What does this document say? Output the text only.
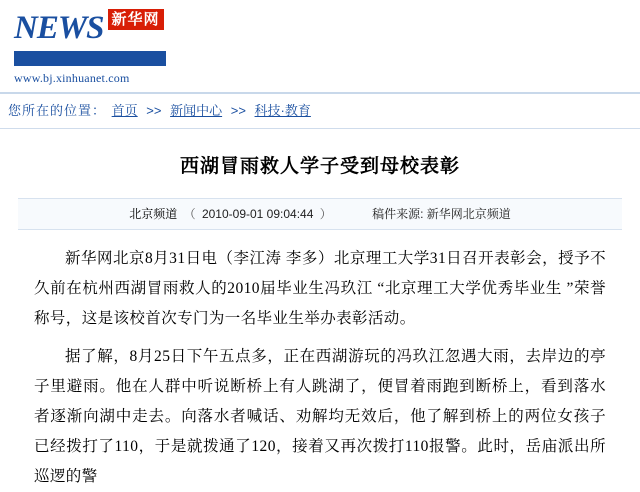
NEWS 新华网
www.bj.xinhuanet.com
您所在的位置： 首页 >> 新闻中心 >> 科技·教育
西湖冒雨救人学子受到母校表彰
北京频道 （ 2010-09-01 09:04:44 ）	稿件来源: 新华网北京频道

新华网北京8月31日电（李江涛 李多）北京理工大学31日召开表彰会，授予不久前在杭州西湖冒雨救人的2010届毕业生冯玖江 “北京理工大学优秀毕业生 ”荣誉称号，这是该校首次专门为一名毕业生举办表彰活动。

据了解，8月25日下午五点多，正在西湖游玩的冯玖江忽遇大雨，去岸边的亭子里避雨。他在人群中听说断桥上有人跳湖了，便冒着雨跑到断桥上，看到落水者逐渐向湖中走去。向落水者喊话、劝解均无效后，他了解到桥上的两位女孩子已经拨打了110，于是就拨通了120，接着又再次拨打110报警。此时，岳庙派出所巡逻的警
